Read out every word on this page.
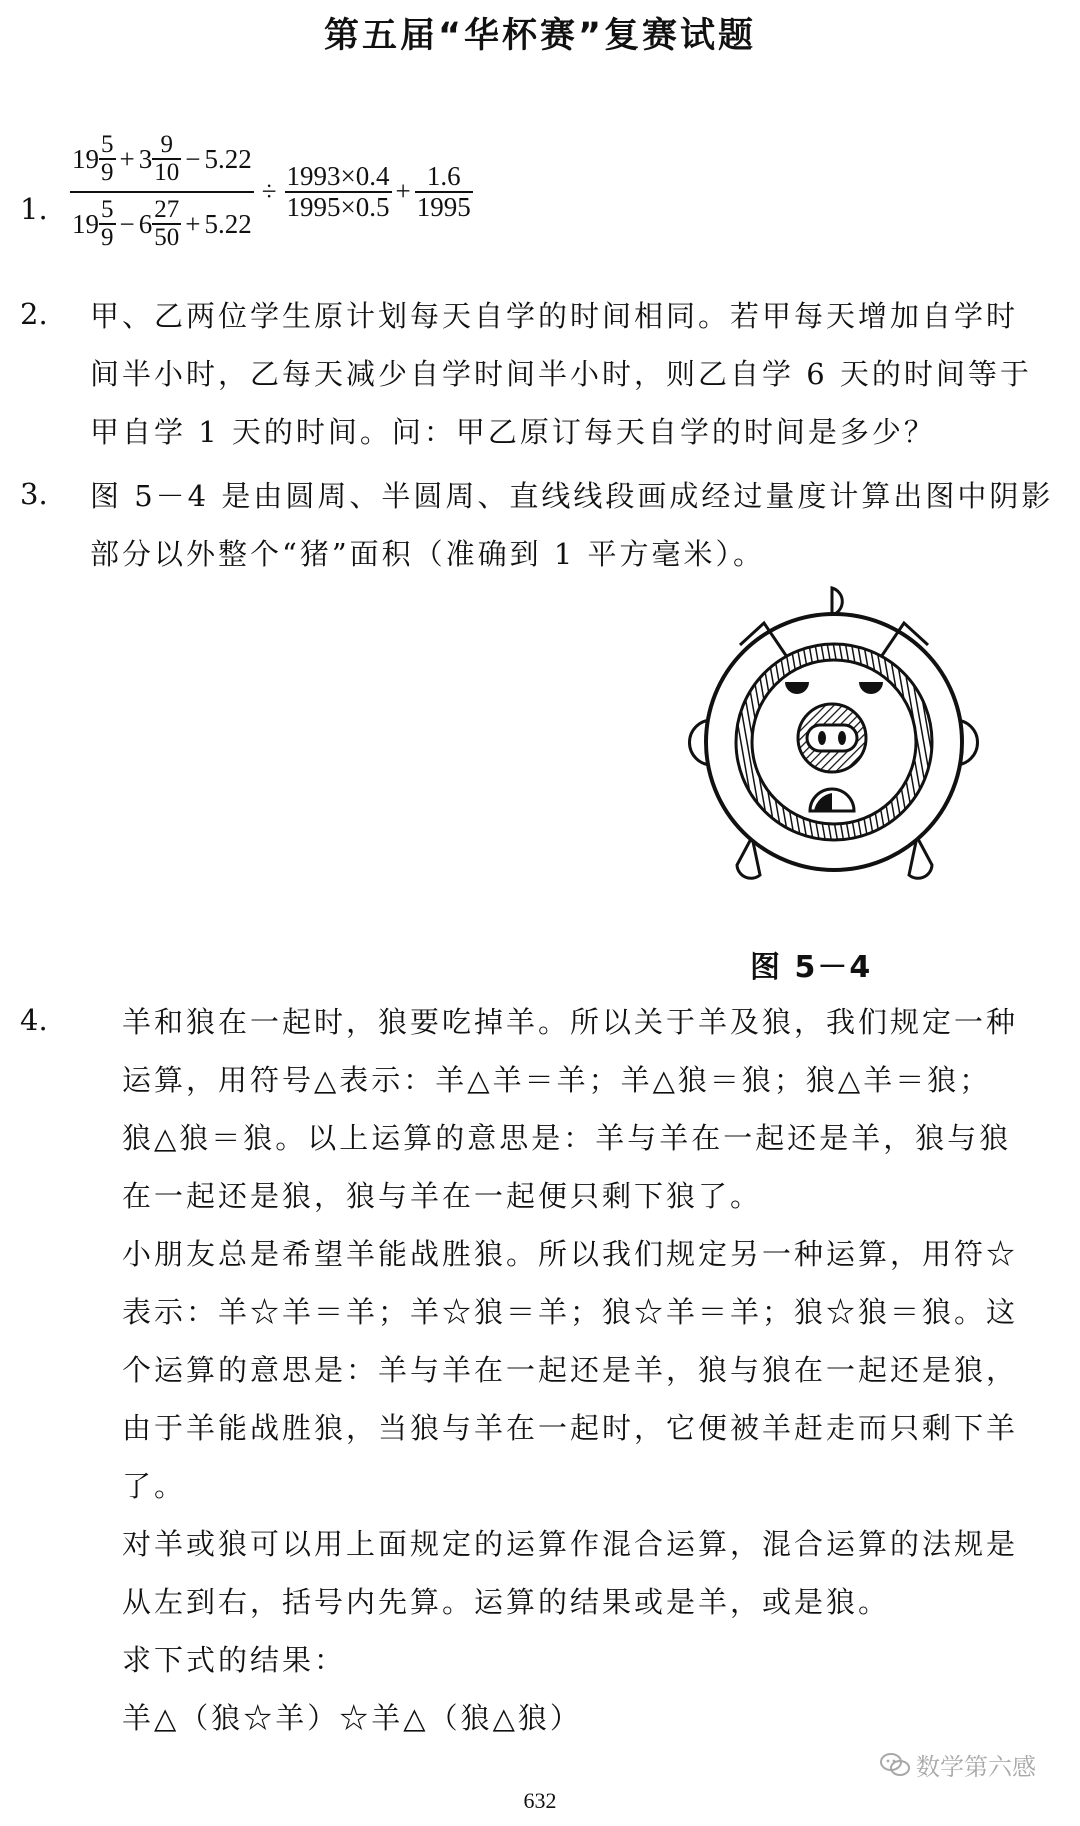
第五届“华杯赛”复赛试题
1.
$19 \frac{5}{9} + 3 \frac{9}{10} - 5.22$
$19 \frac{5}{9} - 6 \frac{27}{50} + 5.22$
÷ $\frac{1993\times 0.4}{1995\times 0.5} + \frac{1.6}{1995}$
2. 甲、乙两位学生原计划每天自学的时间相同。若甲每天增加自学时
间半小时，乙每天减少自学时间半小时，则乙自学 6 天的时间等于
甲自学 1 天的时间。问：甲乙原订每天自学的时间是多少？
3. 图 5－4 是由圆周、半圆周、直线线段画成经过量度计算出图中阴影
部分以外整个“猪”面积（准确到 1 平方毫米）。
图 5－4
4.	羊和狼在一起时，狼要吃掉羊。所以关于羊及狼，我们规定一种
运算，用符号△表示：羊△羊＝羊；羊△狼＝狼；狼△羊＝狼；
狼△狼＝狼。以上运算的意思是：羊与羊在一起还是羊，狼与狼
在一起还是狼，狼与羊在一起便只剩下狼了。
小朋友总是希望羊能战胜狼。所以我们规定另一种运算，用符☆
表示：羊☆羊＝羊；羊☆狼＝羊；狼☆羊＝羊；狼☆狼＝狼。这
个运算的意思是：羊与羊在一起还是羊，狼与狼在一起还是狼，
由于羊能战胜狼，当狼与羊在一起时，它便被羊赶走而只剩下羊
了。
对羊或狼可以用上面规定的运算作混合运算，混合运算的法规是
从左到右，括号内先算。运算的结果或是羊，或是狼。
求下式的结果：
羊△（狼☆羊）☆羊△（狼△狼）
数学第六感
632
